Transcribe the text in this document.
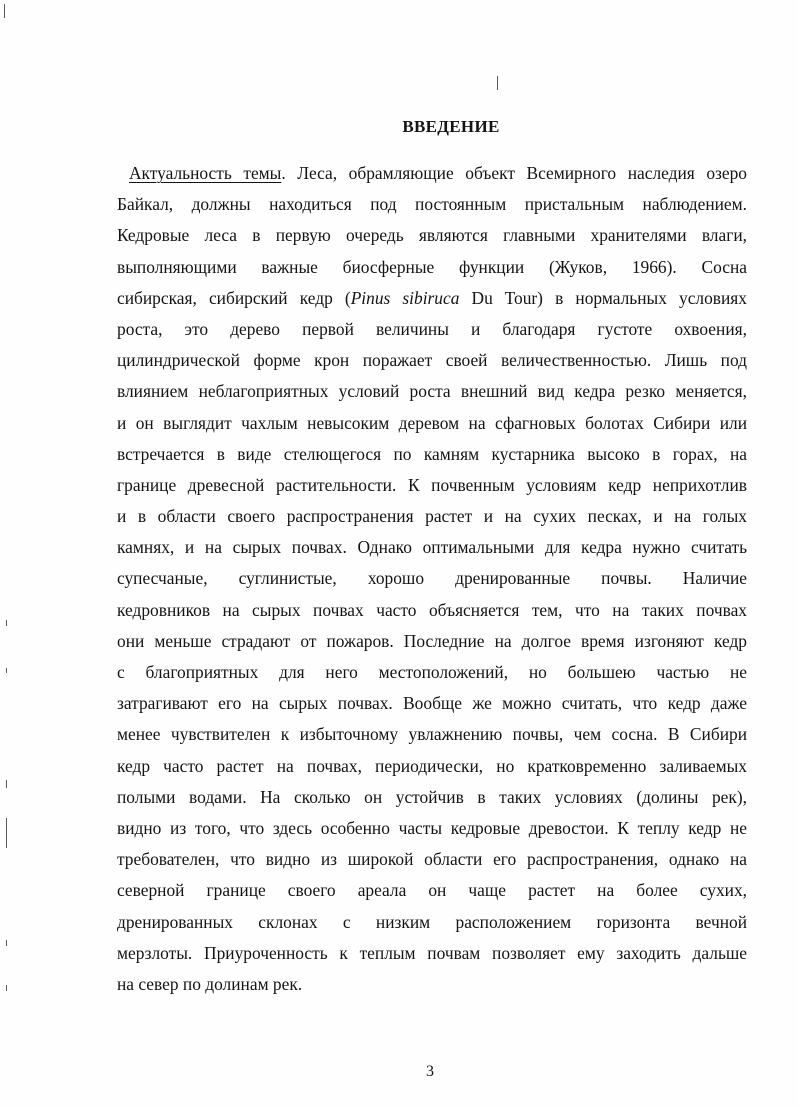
ВВЕДЕНИЕ
Актуальность темы. Леса, обрамляющие объект Всемирного наследия озеро
Байкал, должны находиться под постоянным пристальным наблюдением.
Кедровые леса в первую очередь являются главными хранителями влаги,
выполняющими важные биосферные функции (Жуков, 1966). Сосна
сибирская, сибирский кедр (Pinus sibiruca Du Tour) в нормальных условиях
роста, это дерево первой величины и благодаря густоте охвоения,
цилиндрической форме крон поражает своей величественностью. Лишь под
влиянием неблагоприятных условий роста внешний вид кедра резко меняется,
и он выглядит чахлым невысоким деревом на сфагновых болотах Сибири или
встречается в виде стелющегося по камням кустарника высоко в горах, на
границе древесной растительности. К почвенным условиям кедр неприхотлив
и в области своего распространения растет и на сухих песках, и на голых
камнях, и на сырых почвах. Однако оптимальными для кедра нужно считать
супесчаные, суглинистые, хорошо дренированные почвы. Наличие
кедровников на сырых почвах часто объясняется тем, что на таких почвах
они меньше страдают от пожаров. Последние на долгое время изгоняют кедр
с благоприятных для него местоположений, но большею частью не
затрагивают его на сырых почвах. Вообще же можно считать, что кедр даже
менее чувствителен к избыточному увлажнению почвы, чем сосна. В Сибири
кедр часто растет на почвах, периодически, но кратковременно заливаемых
полыми водами. На сколько он устойчив в таких условиях (долины рек),
видно из того, что здесь особенно часты кедровые древостои. К теплу кедр не
требователен, что видно из широкой области его распространения, однако на
северной границе своего ареала он чаще растет на более сухих,
дренированных склонах с низким расположением горизонта вечной
мерзлоты. Приуроченность к теплым почвам позволяет ему заходить дальше
на север по долинам рек.
3
